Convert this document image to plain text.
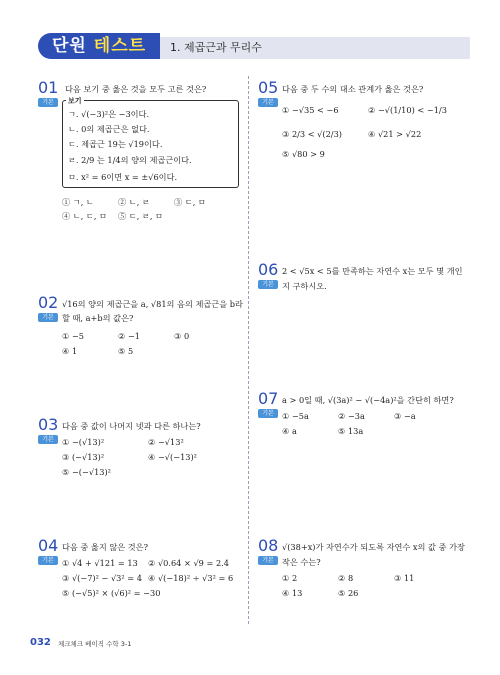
단원 테스트 1. 제곱근과 무리수
01
기본
다음 보기 중 옳은 것을 모두 고른 것은?
보기
ㄱ. √(−3)²은 −3이다.
ㄴ. 0의 제곱근은 없다.
ㄷ. 제곱근 19는 √19이다.
ㄹ. 2/9 는 1/4의 양의 제곱근이다.
ㅁ. x² = 6이면 x = ±√6이다.
① ㄱ, ㄴ	② ㄴ, ㄹ	③ ㄷ, ㅁ
④ ㄴ, ㄷ, ㅁ ⑤ ㄷ, ㄹ, ㅁ
02
기본
√16의 양의 제곱근을 a, √81의 음의 제곱근을 b라
할 때, a+b의 값은?
① −5	② −1	③ 0
④ 1	⑤ 5
03
기본
다음 중 값이 나머지 넷과 다른 하나는?
① −(√13)²	② −√13²
③ (−√13)²	④ −√(−13)²
⑤ −(−√13)²
04
기본
다음 중 옳지 않은 것은?
① √4 + √121 = 13 ② √0.64 × √9 = 2.4
③ √(−7)² − √3² = 4 ④ √(−18)² ÷ √3² = 6
⑤ (−√5)² × (√6)² = −30
05
기본
다음 중 두 수의 대소 관계가 옳은 것은?
① −√35 < −6	② −√(1/10) < −1/3
③ 2/3 < √(2/3)	④ √21 > √22
⑤ √80 > 9
06
기본
2 < √5x < 5를 만족하는 자연수 x는 모두 몇 개인
지 구하시오.
07
기본
a > 0일 때, √(3a)² − √(−4a)²을 간단히 하면?
① −5a	② −3a	③ −a
④ a	⑤ 13a
08
기본
√(38+x)가 자연수가 되도록 자연수 x의 값 중 가장
작은 수는?
① 2	② 8	③ 11
④ 13	⑤ 26
032 체크체크 베이직 수학 3-1
